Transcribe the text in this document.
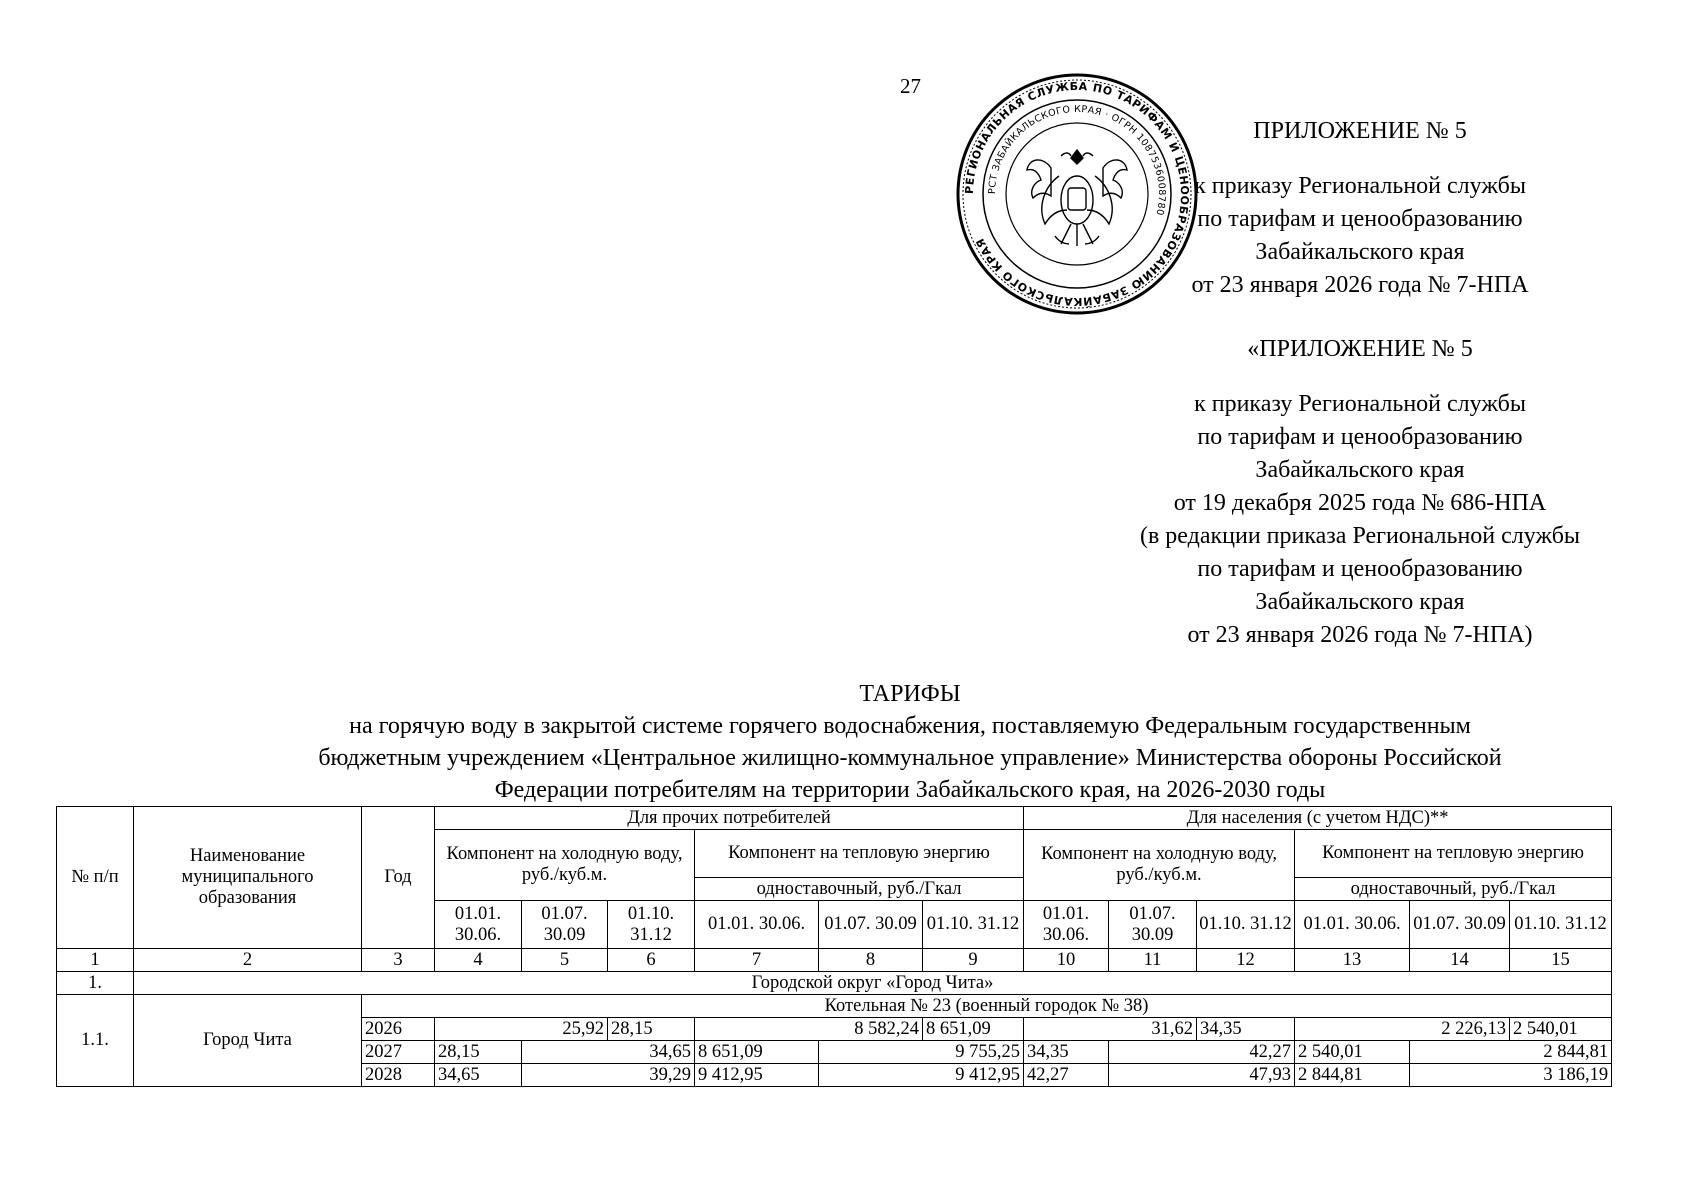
27
РЕГИОНАЛЬНАЯ СЛУЖБА ПО ТАРИФАМ И ЦЕНООБРАЗОВАНИЮ ЗАБАЙКАЛЬСКОГО КРАЯ
РСТ ЗАБАЙКАЛЬСКОГО КРАЯ · ОГРН 1087536008780
ПРИЛОЖЕНИЕ № 5
к приказу Региональной службы
по тарифам и ценообразованию
Забайкальского края
от 23 января 2026 года № 7-НПА
«ПРИЛОЖЕНИЕ № 5
к приказу Региональной службы
по тарифам и ценообразованию
Забайкальского края
от 19 декабря 2025 года № 686-НПА
(в редакции приказа Региональной службы
по тарифам и ценообразованию
Забайкальского края
от 23 января 2026 года № 7-НПА)
ТАРИФЫ
на горячую воду в закрытой системе горячего водоснабжения, поставляемую Федеральным государственным
бюджетным учреждением «Центральное жилищно-коммунальное управление» Министерства обороны Российской
Федерации потребителям на территории Забайкальского края, на 2026-2030 годы
№ п/п	Наименование муниципального образования	Год	Для прочих потребителей						Для населения (с учетом НДС)**					
			Компонент на холодную воду, руб./куб.м.			Компонент на тепловую энергию			Компонент на холодную воду, руб./куб.м.			Компонент на тепловую энергию		
						одноставочный, руб./Гкал						одноставочный, руб./Гкал		
			01.01. 30.06.	01.07. 30.09	01.10. 31.12	01.01. 30.06.	01.07. 30.09	01.10. 31.12	01.01. 30.06.	01.07. 30.09	01.10. 31.12	01.01. 30.06.	01.07. 30.09	01.10. 31.12
1	2	3	4	5	6	7	8	9	10	11	12	13	14	15
1.	Городской округ «Город Чита»													
1.1.	Город Чита	Котельная № 23 (военный городок № 38)												
		2026	25,92		28,15	8 582,24		8 651,09	31,62		34,35	2 226,13		2 540,01
		2027	28,15	34,65		8 651,09	9 755,25		34,35	42,27		2 540,01	2 844,81	
		2028	34,65	39,29		9 412,95	9 412,95		42,27	47,93		2 844,81	3 186,19	
